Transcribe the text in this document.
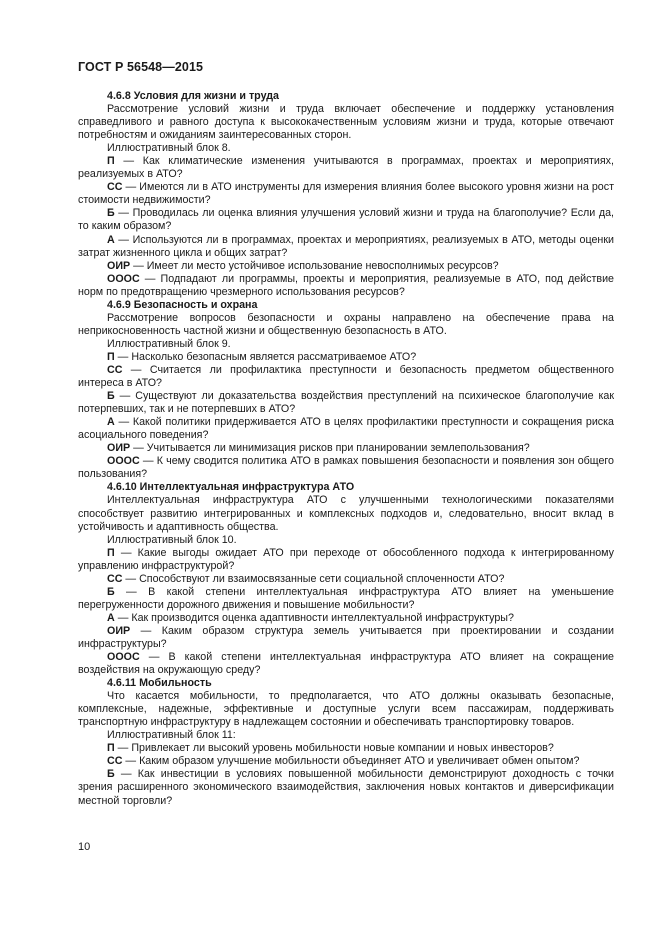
ГОСТ Р 56548—2015

4.6.8 Условия для жизни и труда

Рассмотрение условий жизни и труда включает обеспечение и поддержку установления справедливого и равного доступа к высококачественным условиям жизни и труда, которые отвечают потребностям и ожиданиям заинтересованных сторон.

Иллюстративный блок 8.

П — Как климатические изменения учитываются в программах, проектах и мероприятиях, реализуемых в АТО?

СС — Имеются ли в АТО инструменты для измерения влияния более высокого уровня жизни на рост стоимости недвижимости?

Б — Проводилась ли оценка влияния улучшения условий жизни и труда на благополучие? Если да, то каким образом?

А — Используются ли в программах, проектах и мероприятиях, реализуемых в АТО, методы оценки затрат жизненного цикла и общих затрат?

ОИР — Имеет ли место устойчивое использование невосполнимых ресурсов?

ОООС — Подпадают ли программы, проекты и мероприятия, реализуемые в АТО, под действие норм по предотвращению чрезмерного использования ресурсов?

4.6.9 Безопасность и охрана

Рассмотрение вопросов безопасности и охраны направлено на обеспечение права на неприкосновенность частной жизни и общественную безопасность в АТО.

Иллюстративный блок 9.

П — Насколько безопасным является рассматриваемое АТО?

СС — Считается ли профилактика преступности и безопасность предметом общественного интереса в АТО?

Б — Существуют ли доказательства воздействия преступлений на психическое благополучие как потерпевших, так и не потерпевших в АТО?

А — Какой политики придерживается АТО в целях профилактики преступности и сокращения риска асоциального поведения?

ОИР — Учитывается ли минимизация рисков при планировании землепользования?

ОООС — К чему сводится политика АТО в рамках повышения безопасности и появления зон общего пользования?

4.6.10 Интеллектуальная инфраструктура АТО

Интеллектуальная инфраструктура АТО с улучшенными технологическими показателями способствует развитию интегрированных и комплексных подходов и, следовательно, вносит вклад в устойчивость и адаптивность общества.

Иллюстративный блок 10.

П — Какие выгоды ожидает АТО при переходе от обособленного подхода к интегрированному управлению инфраструктурой?

СС — Способствуют ли взаимосвязанные сети социальной сплоченности АТО?

Б — В какой степени интеллектуальная инфраструктура АТО влияет на уменьшение перегруженности дорожного движения и повышение мобильности?

А — Как производится оценка адаптивности интеллектуальной инфраструктуры?

ОИР — Каким образом структура земель учитывается при проектировании и создании инфраструктуры?

ОООС — В какой степени интеллектуальная инфраструктура АТО влияет на сокращение воздействия на окружающую среду?

4.6.11 Мобильность

Что касается мобильности, то предполагается, что АТО должны оказывать безопасные, комплексные, надежные, эффективные и доступные услуги всем пассажирам, поддерживать транспортную инфраструктуру в надлежащем состоянии и обеспечивать транспортировку товаров.

Иллюстративный блок 11:

П — Привлекает ли высокий уровень мобильности новые компании и новых инвесторов?

СС — Каким образом улучшение мобильности объединяет АТО и увеличивает обмен опытом?

Б — Как инвестиции в условиях повышенной мобильности демонстрируют доходность с точки зрения расширенного экономического взаимодействия, заключения новых контактов и диверсификации местной торговли?

10
